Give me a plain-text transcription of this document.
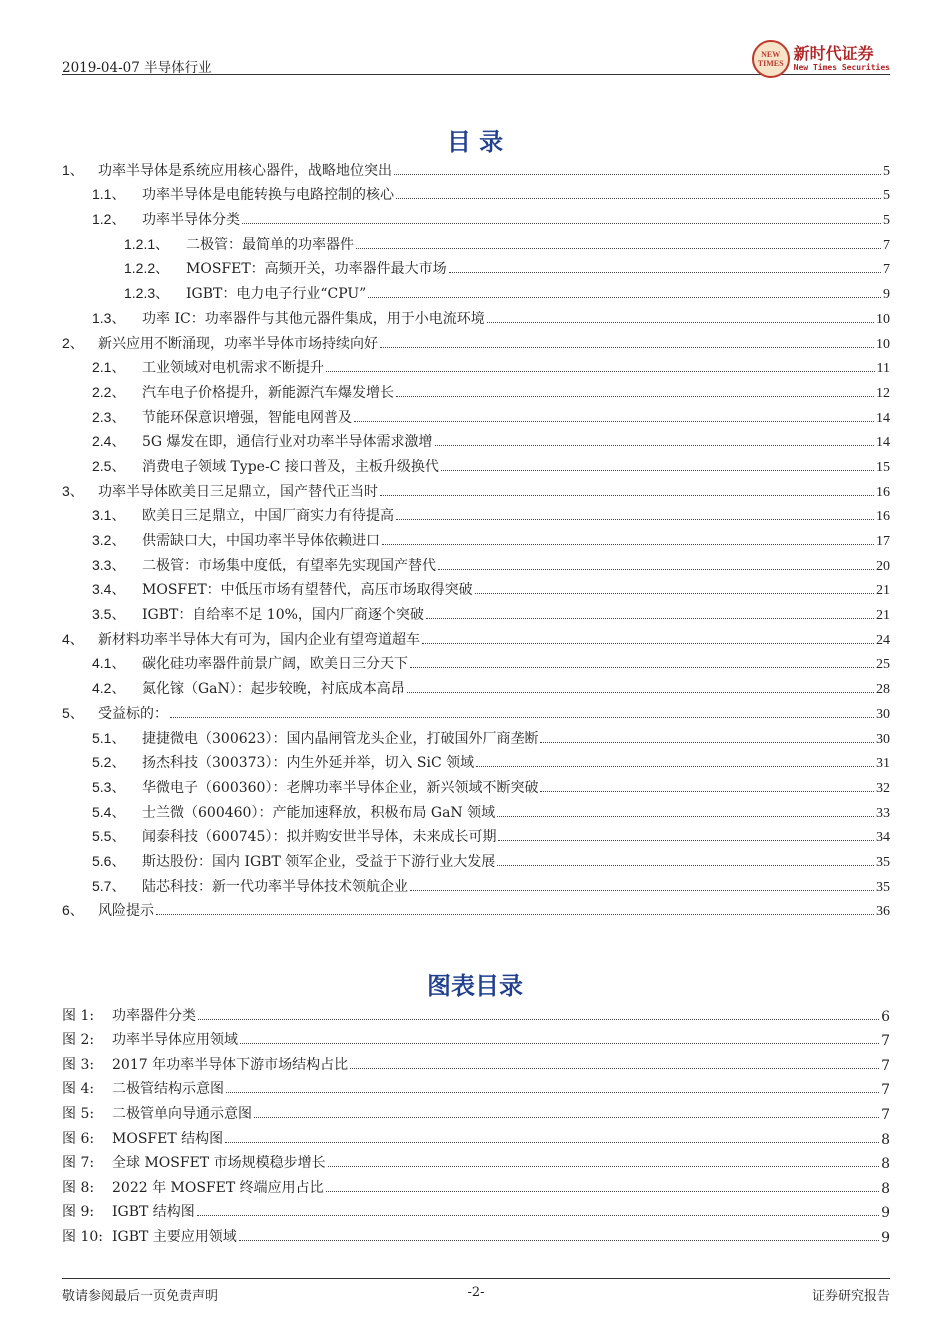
2019-04-07 半导体行业
NEW
TIMES
新时代证券
New Times Securities
目 录
1、	功率半导体是系统应用核心器件，战略地位突出	5
1.1、	功率半导体是电能转换与电路控制的核心	5
1.2、	功率半导体分类	5
1.2.1、	二极管：最简单的功率器件	7
1.2.2、	MOSFET：高频开关，功率器件最大市场	7
1.2.3、	IGBT：电力电子行业“CPU”	9
1.3、	功率 IC：功率器件与其他元器件集成，用于小电流环境	10
2、	新兴应用不断涌现，功率半导体市场持续向好	10
2.1、	工业领域对电机需求不断提升	11
2.2、	汽车电子价格提升，新能源汽车爆发增长	12
2.3、	节能环保意识增强，智能电网普及	14
2.4、	5G 爆发在即，通信行业对功率半导体需求激增	14
2.5、	消费电子领域 Type-C 接口普及，主板升级换代	15
3、	功率半导体欧美日三足鼎立，国产替代正当时	16
3.1、	欧美日三足鼎立，中国厂商实力有待提高	16
3.2、	供需缺口大，中国功率半导体依赖进口	17
3.3、	二极管：市场集中度低，有望率先实现国产替代	20
3.4、	MOSFET：中低压市场有望替代，高压市场取得突破	21
3.5、	IGBT：自给率不足 10%，国内厂商逐个突破	21
4、	新材料功率半导体大有可为，国内企业有望弯道超车	24
4.1、	碳化硅功率器件前景广阔，欧美日三分天下	25
4.2、	氮化镓（GaN）：起步较晚，衬底成本高昂	28
5、	受益标的：	30
5.1、	捷捷微电（300623）：国内晶闸管龙头企业，打破国外厂商垄断	30
5.2、	扬杰科技（300373）：内生外延并举，切入 SiC 领域	31
5.3、	华微电子（600360）：老牌功率半导体企业，新兴领域不断突破	32
5.4、	士兰微（600460）：产能加速释放，积极布局 GaN 领域	33
5.5、	闻泰科技（600745）：拟并购安世半导体，未来成长可期	34
5.6、	斯达股份：国内 IGBT 领军企业，受益于下游行业大发展	35
5.7、	陆芯科技：新一代功率半导体技术领航企业	35
6、	风险提示	36
图表目录
图 1:	功率器件分类	6
图 2:	功率半导体应用领域	7
图 3:	2017 年功率半导体下游市场结构占比	7
图 4:	二极管结构示意图	7
图 5:	二极管单向导通示意图	7
图 6:	MOSFET 结构图	8
图 7:	全球 MOSFET 市场规模稳步增长	8
图 8:	2022 年 MOSFET 终端应用占比	8
图 9:	IGBT 结构图	9
图 10: IGBT 主要应用领域	9
敬请参阅最后一页免责声明	-2-	证券研究报告
